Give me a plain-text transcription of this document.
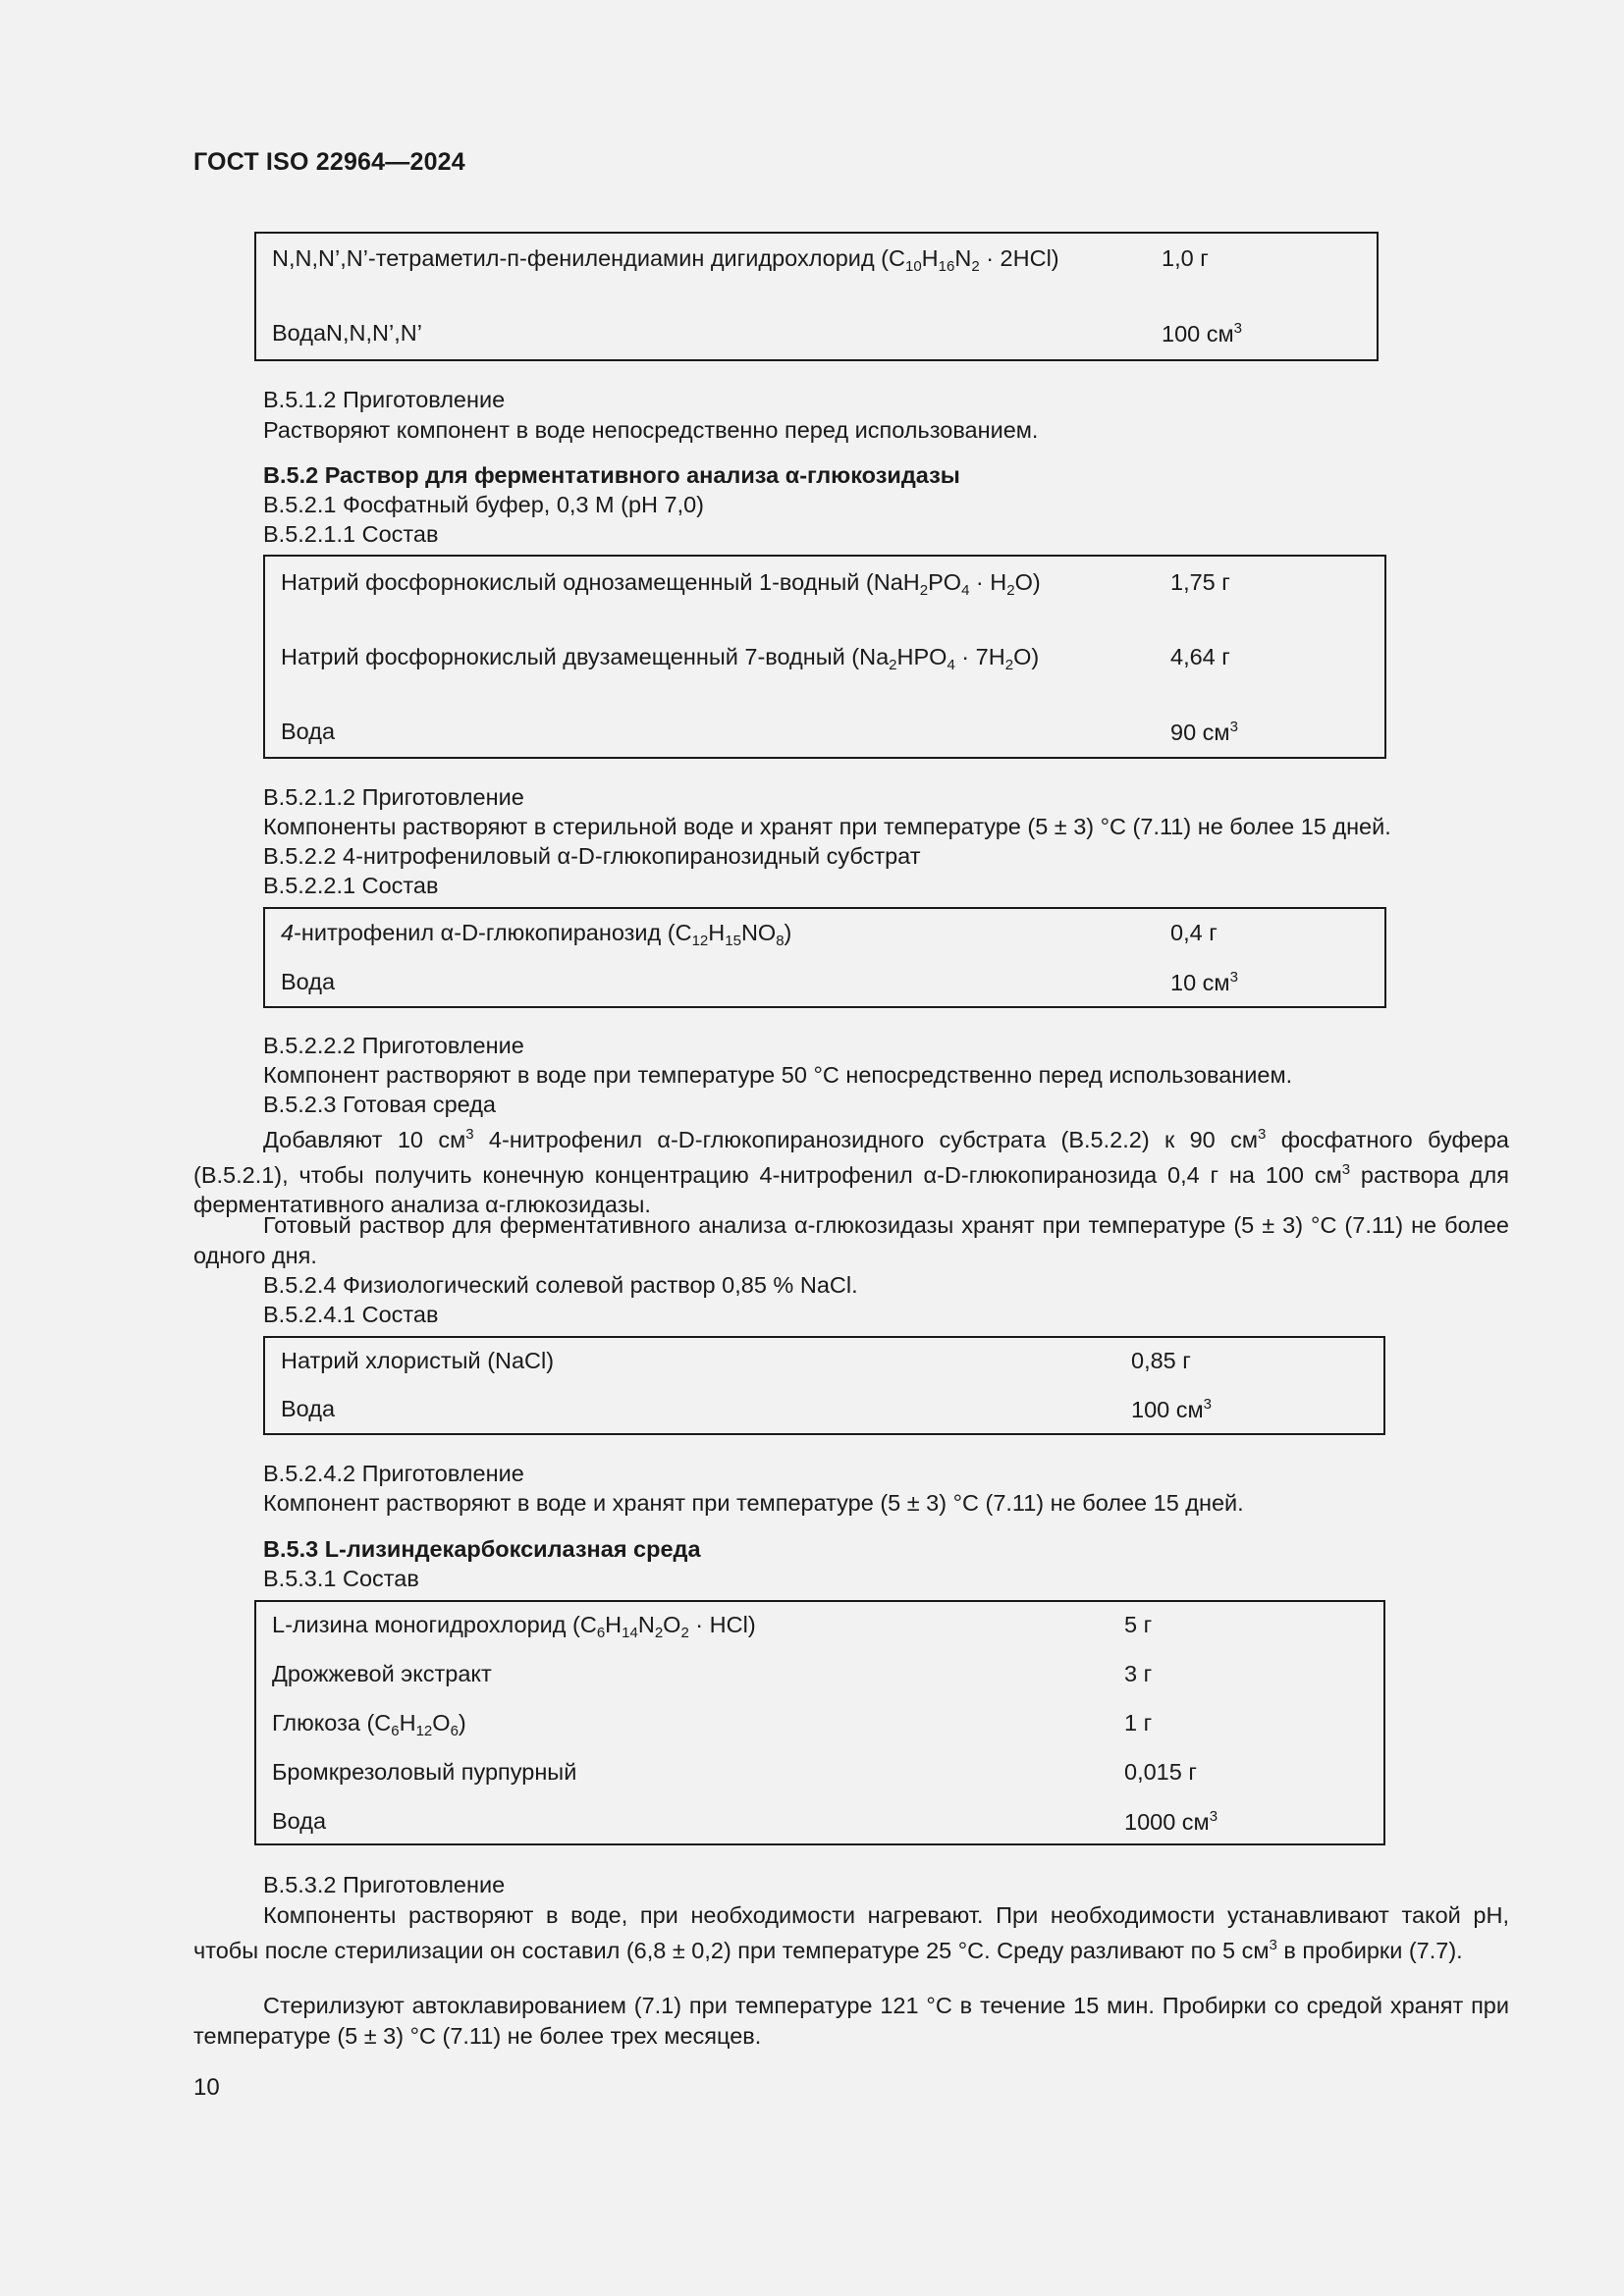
ГОСТ ISO 22964—2024
N,N,N’,N’-тетраметил-п-фенилендиамин дигидрохлорид $(C_{10}H_{16}N_2 \cdot 2HCl)$	1,0 г
ВодаN,N,N’,N’	100 $см^3$
В.5.1.2 Приготовление
Растворяют компонент в воде непосредственно перед использованием.
В.5.2 Раствор для ферментативного анализа α-глюкозидазы
В.5.2.1 Фосфатный буфер, 0,3 М (рН 7,0)
В.5.2.1.1 Состав
Натрий фосфорнокислый однозамещенный 1-водный $(NaH_2PO_4 \cdot H_2O)$	1,75 г
Натрий фосфорнокислый двузамещенный 7-водный $(Na_2HPO_4 \cdot 7H_2O)$	4,64 г
Вода	90 $см^3$
В.5.2.1.2 Приготовление
Компоненты растворяют в стерильной воде и хранят при температуре (5 ± 3) °С (7.11) не более 15 дней.
В.5.2.2 4-нитрофениловый α-D-глюкопиранозидный субстрат
В.5.2.2.1 Состав
4-нитрофенил α-D-глюкопиранозид $(C_{12}H_{15}NO_8)$	0,4 г
Вода	10 $см^3$
В.5.2.2.2 Приготовление
Компонент растворяют в воде при температуре 50 °С непосредственно перед использованием.
В.5.2.3 Готовая среда
Добавляют 10 $см^3$ 4-нитрофенил α-D-глюкопиранозидного субстрата (В.5.2.2) к 90 $см^3$ фосфатного буфера (В.5.2.1), чтобы получить конечную концентрацию 4-нитрофенил α-D-глюкопиранозида 0,4 г на 100 $см^3$ раствора для ферментативного анализа α-глюкозидазы.
Готовый раствор для ферментативного анализа α-глюкозидазы хранят при температуре (5 ± 3) °С (7.11) не более одного дня.
В.5.2.4 Физиологический солевой раствор 0,85 % NaCl.
В.5.2.4.1 Состав
Натрий хлористый (NaCl)	0,85 г
Вода	100 $см^3$
В.5.2.4.2 Приготовление
Компонент растворяют в воде и хранят при температуре (5 ± 3) °С (7.11) не более 15 дней.
В.5.3 L-лизиндекарбоксилазная среда
В.5.3.1 Состав
L-лизина моногидрохлорид $(C_6H_{14}N_2O_2 \cdot HCl)$	5 г
Дрожжевой экстракт	3 г
Глюкоза $(C_6H_{12}O_6)$	1 г
Бромкрезоловый пурпурный	0,015 г
Вода	1000 $см^3$
В.5.3.2 Приготовление
Компоненты растворяют в воде, при необходимости нагревают. При необходимости устанавливают такой рН, чтобы после стерилизации он составил (6,8 ± 0,2) при температуре 25 °С. Среду разливают по 5 $см^3$ в пробирки (7.7).
Стерилизуют автоклавированием (7.1) при температуре 121 °С в течение 15 мин. Пробирки со средой хранят при температуре (5 ± 3) °С (7.11) не более трех месяцев.
10
